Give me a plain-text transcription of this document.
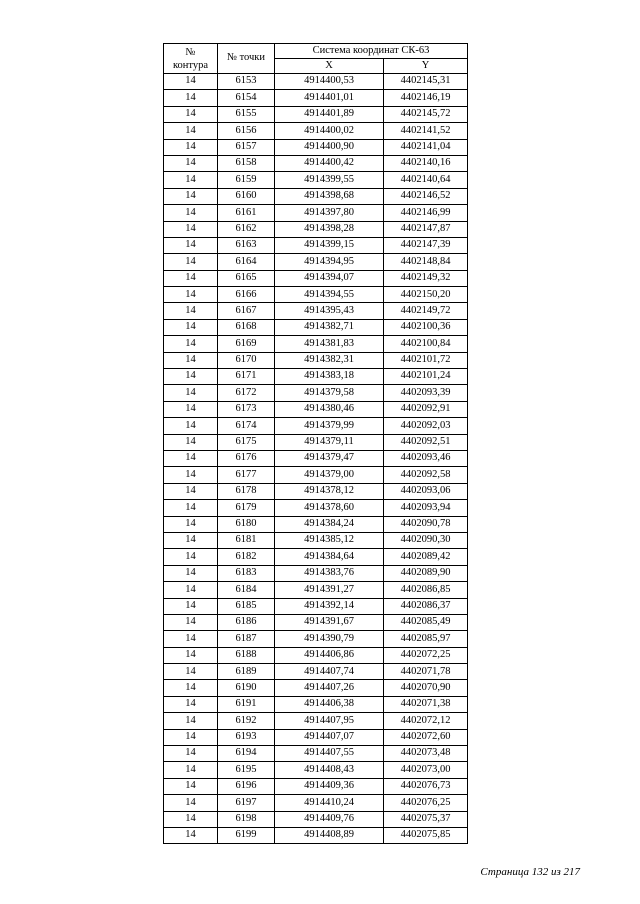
№
контура	№ точки	Система координат СК-63	
		X	Y
14	6153	4914400,53	4402145,31
14	6154	4914401,01	4402146,19
14	6155	4914401,89	4402145,72
14	6156	4914400,02	4402141,52
14	6157	4914400,90	4402141,04
14	6158	4914400,42	4402140,16
14	6159	4914399,55	4402140,64
14	6160	4914398,68	4402146,52
14	6161	4914397,80	4402146,99
14	6162	4914398,28	4402147,87
14	6163	4914399,15	4402147,39
14	6164	4914394,95	4402148,84
14	6165	4914394,07	4402149,32
14	6166	4914394,55	4402150,20
14	6167	4914395,43	4402149,72
14	6168	4914382,71	4402100,36
14	6169	4914381,83	4402100,84
14	6170	4914382,31	4402101,72
14	6171	4914383,18	4402101,24
14	6172	4914379,58	4402093,39
14	6173	4914380,46	4402092,91
14	6174	4914379,99	4402092,03
14	6175	4914379,11	4402092,51
14	6176	4914379,47	4402093,46
14	6177	4914379,00	4402092,58
14	6178	4914378,12	4402093,06
14	6179	4914378,60	4402093,94
14	6180	4914384,24	4402090,78
14	6181	4914385,12	4402090,30
14	6182	4914384,64	4402089,42
14	6183	4914383,76	4402089,90
14	6184	4914391,27	4402086,85
14	6185	4914392,14	4402086,37
14	6186	4914391,67	4402085,49
14	6187	4914390,79	4402085,97
14	6188	4914406,86	4402072,25
14	6189	4914407,74	4402071,78
14	6190	4914407,26	4402070,90
14	6191	4914406,38	4402071,38
14	6192	4914407,95	4402072,12
14	6193	4914407,07	4402072,60
14	6194	4914407,55	4402073,48
14	6195	4914408,43	4402073,00
14	6196	4914409,36	4402076,73
14	6197	4914410,24	4402076,25
14	6198	4914409,76	4402075,37
14	6199	4914408,89	4402075,85
Страница 132 из 217
